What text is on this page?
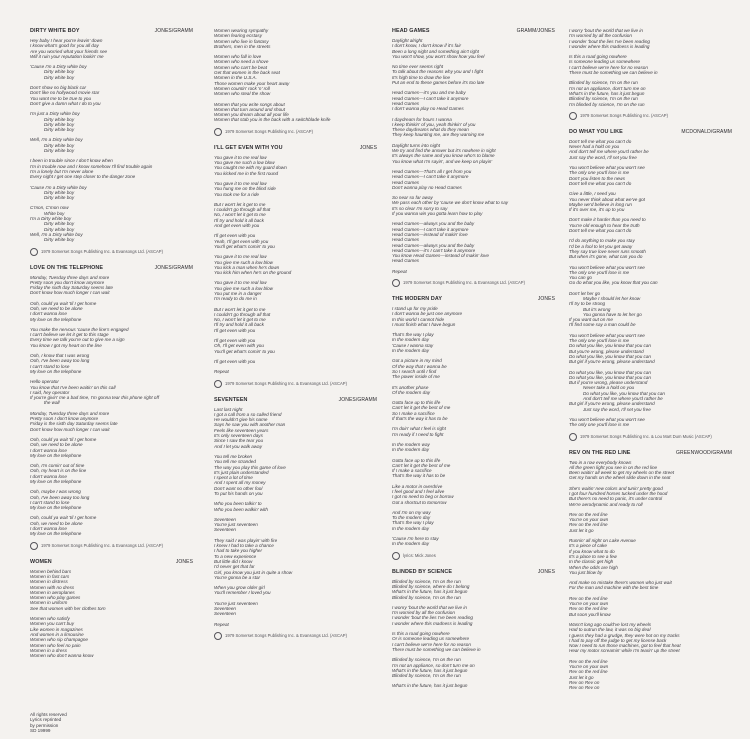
DIRTY WHITE BOY	JONES/GRAMM
Hey baby I hear you're leavin' down
I know what's good for you all day
Are you worried what your friends see
Will it ruin your reputation lookin' me
'Cause I'm a Dirty white boy
Dirty white boy
Dirty white boy
Don't show no big black car
Don't like no hollywood movie star
You want me to be true to you
Don't give a damn what I do to you
I'm just a Dirty white boy
Dirty white boy
Dirty white boy
Dirty white boy
Well, I'm a Dirty white boy
Dirty white boy
Dirty white boy
I been in trouble since I don't know when
I'm in trouble now and I know somehow I'll find trouble again
I'm a lonely but I'm never alone
Every night I get one step closer to the danger zone
'Cause I'm a Dirty white boy
Dirty white boy
Dirty white boy
C'mon, C'mon now
White boy
I'm a Dirty white boy
Dirty white boy
Dirty white boy
Well, I'm a Dirty white boy
Dirty white boy
1979 Somerset Songs Publishing Inc. & Evansongs Ltd. (ASCAP)
LOVE ON THE TELEPHONE	JONES/GRAMM
Monday, Tuesday three days and more
Pretty soon you don't know anymore
Friday the sixth day Saturday seems late
Don't know how much longer I can wait
Ooh, could ya wait 'til I get home
Ooh, we need to be alone
I don't wanna lose
My love on the telephone
You make the nervous 'cause the line's engaged
I can't believe we let it get to this stage
Every time we talk you're out to give me a sign
You know I got my heart on the line
Ooh, I know that I was wrong
Ooh, I've been away too long
I can't stand to lose
My love on the telephone
Hello operator
You know that I've been waitin' on this call
I said, hey operator
If you're givin' me a bad time, I'm gonna tear this phone right off
the wall
Monday, Tuesday three days and more
Pretty soon I don't know anymore
Friday is the sixth day Saturday seems late
Don't know how much longer I can wait
Ooh, could ya wait 'til I get home
Ooh, we need to be alone
I don't wanna lose
My love on the telephone
Ooh, I'm comin' out of time
Ooh, my heart is on the line
I don't wanna lose
My love on the telephone
Ooh, maybe I was wrong
Ooh, I've been away too long
I can't stand to lose
My love on the telephone
Ooh, could ya wait 'til I get home
Ooh, we need to be alone
I don't wanna lose
My love on the telephone
1979 Somerset Songs Publishing Inc. & Evansongs Ltd. (ASCAP)
WOMEN	JONES
Women behind bars
Women in fast cars
Women in distress
Women with no dress
Women in aeroplanes
Women who play games
Women in uniform
See that women with her clothes torn
Women who satisfy
Women you can't buy
Like women in magazines
And women in a limousine
Women who sip champagne
Women who feel no pain
Women in a dress
Women who don't wanna know
Women wearing sympathy
Women fearing ecstasy
Women who live in fantasy
Brothers, men in the streets
Women who fall in love
Women who need a shove
Women who can't be beat
Get that women in the back seat
Women in the U.S.A.
Those women make your heart away
Women countin' rock 'n' roll
Women who steal the show
Women that you write songs about
Women that turn around and shout
Women you dream about all your life
Women that stab you in the back with a switchblade knife
1979 Somerset Songs Publishing Inc. (ASCAP)
I'LL GET EVEN WITH YOU	JONES
You gave it to me real low
You gave me such a low blow
You caught me with my guard down
You kicked me in the first round
You gave it to me real low
You hung me on the blind side
You took me for a ride
But I won't let it get to me
I couldn't go through all that
No, I won't let it get to me
I'll try and hold it all back
And get even with you
I'll get even with you
Yeah, I'll get even with you
You'll get what's comin' to you
You gave it to me real low
You give me such a low blow
You kick a man when he's down
You kick him when he's on the ground
You gave it to me real low
You give me such a low blow
You put me in a danger
I'm ready to do me in
But I won't let it get to me
I couldn't go through all that
No, I won't let it get to me
I'll try and hold it all back
I'll get even with you
I'll get even with you
Oh, I'll get even with you
You'll get what's comin' to you
I'll get even with you
Repeat
1979 Somerset Songs Publishing Inc. & Evansongs Ltd. (ASCAP)
SEVENTEEN	JONES/GRAMM
Last last night
I got a call from a so called friend
He wouldn't give his name
Says he saw you with another man
Feels like seventeen years
It's only seventeen days
Since I saw the tear you
And I let you walk away
You tell me broken
You tell me stranded
The way you play this game of love
It's just plain understanded
I spent a lot of time
And I spent all my money
Don't want no other fool
To put his hands on you
Who you been talkin' to
Who you been walkin' with
Seventeen
You're just seventeen
Seventeen
They said I was playin' with fire
I knew I had to take a chance
I had to take you higher
To a new experience
But little did I know
I'd never get that far
Girl, you know you just in quite a show
You're gonna be a star
When you grow older girl
You'll remember I loved you
You're just seventeen
Seventeen
Seventeen
Repeat
1979 Somerset Songs Publishing Inc. & Evansongs Ltd. (ASCAP)
HEAD GAMES	GRAMM/JONES
Daylight alright
I don't know, I don't know if it's fair
Been a long night and something ain't right
You won't show, you won't show how you feel
No time ever seems right
To talk about the reasons why you and I fight
It's high time to draw the line
Put an end to these games before it's too late
Head Games—it's you and me baby
Head Games—I can't take it anymore
Head Games
I don't wanna play no Head Games
I daydream for hours I wanna
I keep thinkin' of you, yeah thinkin' of you
These daydreams what do they mean
They keep haunting me, are they warning me
Daylight turns into night
We try and find the answer but it's nowhere in sight
It's always the same and you know who's to blame
You know what I'm sayin', and we keep on playin'
Head Games—That's all I get from you
Head Games—I can't take it anymore
Head Games
Don't wanna play no Head Games
So near so far away
We pass each other by 'cause we don't know what to say
It's so clear I'm sorry to say
If you wanna win you gotta learn how to play
Head Games—always you and the baby
Head Games—I can't take it anymore
Head Games—instead of makin' love
Head Games
Head Games—always you and the baby
Head Games—it's I can't take it anymore
You know Head Games—instead of makin' love
Head Games
Repeat
1979 Somerset Songs Publishing Inc. & Evansongs Ltd. (ASCAP)
THE MODERN DAY	JONES
I stand up for my pride
I don't wanna be just one anymore
In this world I cannot hide
I must finish what I have begun
That's the way I play
In the modern day
'Cause I wanna stay
In the modern day
Got a picture in my mind
Of the way that I wanna be
So I search until I find
The power inside of me
It's another phase
Of the modern day
Gotta face up to this life
Can't let it get the best of me
So I make a sacrifice
If that's the way it has to be
I'm doin' what I feel is right
I'm ready if I need to fight
In the modern way
In the modern day
Gotta face up to this life
Can't let it get the best of me
If I make a sacrifice
That's the way it has to be
Like a motor in overdrive
I feel good and I feel alive
I got no need to beg or borrow
Got a shortcut to tomorrow
And I'm on my way
To the modern day
That's the way I play
In the modern day
'Cause I'm here to stay
In the modern day
lyrics: Mick Jones
BLINDED BY SCIENCE	JONES
Blinded by science, I'm on the run
Blinded by science, where do I belong
What's in the future, has it just begun
Blinded by science, I'm on the run
I wonry 'bout the world that we live in
I'm worried by all the confusion
I wonder 'bout the lies I've been reading
I wonder where this madness is leading
Is this a road going nowhere
Or is someone leading us somewhere
I can't believe we're here for no reason
There must be something we can believe in
Blinded by science, I'm on the run
I'm not an appliance, so don't turn me on
What's in the future, has it just begun
Blinded by science, I'm on the run
What's in the future, has it just begun
I worry 'bout the world that we live in
I'm worried by all the confusion
I wonder 'bout the lies I've been reading
I wonder where this madness is leading
Is this a road going nowhere
Is someone leading us somewhere
I can't believe we're here for no reason
There must be something we can believe in
Blinded by science, I'm on the run
I'm not an appliance, don't turn me on
What's in the future, has it just begun
Blinded by science, I'm on the run
I'm blinded by science, I'm on the run
1979 Somerset Songs Publishing Inc. (ASCAP)
DO WHAT YOU LIKE	MCDONALD/GRAMM
Don't tell me what you can't do
Never had a hold on you
And don't tell me where you'd rather be
Just say the word, I'll set you free
You won't believe what you won't see
The only one you'll lose is me
Don't you listen to the news
Don't tell me what you can't do
Give a little, I need you
You never think about what we've got
Maybe we'd believe in long run
If it's over me, it's up to you
Don't make it harder than you need to
You're old enough to hear the truth
Don't tell me what you can't do
I'd do anything to make you stay
I'd be a fool to let you get away
They say true love never runs smooth
But when it's gone, what can you do
You won't believe what you won't see
The only one you'll lose is me
You can go
Go do what you like, you know that you can
Don't let her go
Maybe I should let her know
I'll try to be strong
But it's wrong
You gonna have to let her go
If you want out on me
I'll find some say a man could be
You won't believe what you won't see
The only one you'll lose is me
Do what you like, you know that you can
But you're wrong, please understand
Do what you like, you know that you can
But girl if you're wrong, please understand
Do what you like, you know that you can
Do what you like, you know that you can
But if you're wrong, please understand
Never take a hold on you
Do what you like, you know that you can
And don't tell me where you'd rather be
But girl if you're wrong, please understand
Just say the word, I'll set you free
You won't believe what you won't see
The only one you'll lose is me
1979 Somerset Songs Publishing Inc. & Lou Mart Dum Music (ASCAP)
REV ON THE RED LINE	GREENWOOD/GRAMM
Two in a row everybody knows
All the green light you see in on the red line
Been waitin' all week to get my wheels on the street
Get my hands on the wheel slide down in the seat
She's waitin' new colors and tunin' pretty good
I got four hundred horses tucked under the hood
But there's no need to panic, it's under control
We're aerodynamic and ready to roll
Rev on the red line
You're on your own
Rev on the red line
Just let it go
Runnin' all night on Lake Avenue
It's a piece of cake
If you know what to do
It's a place to see a few
In the classic get high
When the odds are high
You just blow by
And make no mistake there's women who just wait
For the man and machine with the best time
Rev on the red line
You're on your own
Rev on the red line
But soon you'll know
Wasn't long ago could've lost my wheels
Had to outrun the law, it was no big deal
I guess they had a grudge, they were hot on my tracks
I had to pay off the judge to get my license back
Now I need to run those machines, got to feel that heat
Hear my motor screamin' while I'm tearin' up the street
Rev on the red line
You're on your own
Rev on the red line
Just let it go
Rev on Rev on
Rev on Rev on
All rights reserved
Lyrics reprinted
by permission
SD 19999
